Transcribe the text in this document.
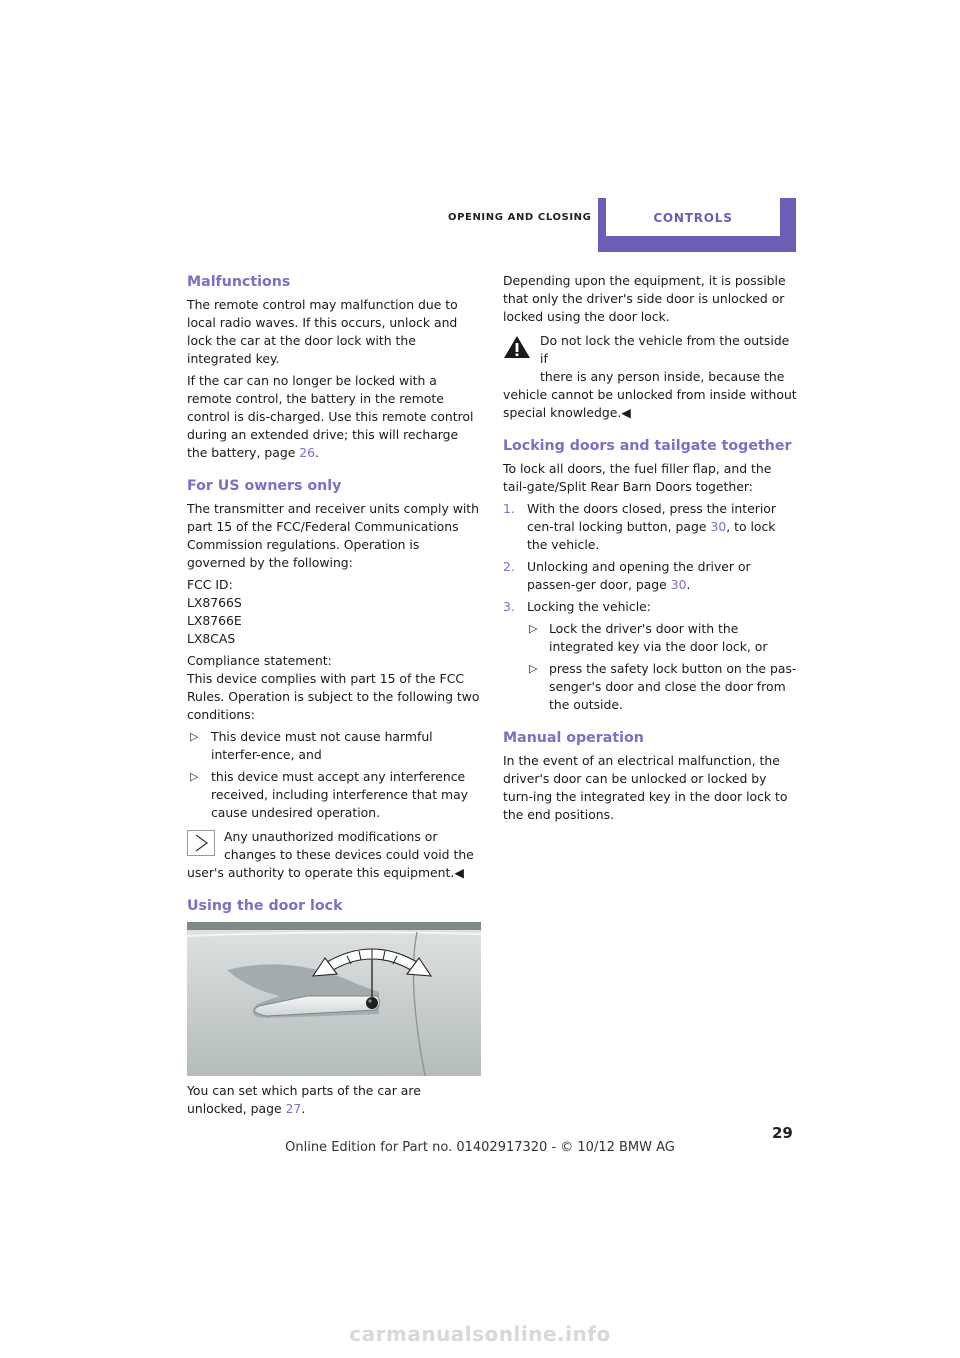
OPENING AND CLOSING	CONTROLS
Malfunctions

The remote control may malfunction due to local radio waves. If this occurs, unlock and lock the car at the door lock with the integrated key.

If the car can no longer be locked with a remote control, the battery in the remote control is dis-charged. Use this remote control during an extended drive; this will recharge the battery, page 26.

For US owners only

The transmitter and receiver units comply with part 15 of the FCC/Federal Communications Commission regulations. Operation is governed by the following:

FCC ID:
LX8766S
LX8766E
LX8CAS

Compliance statement:
This device complies with part 15 of the FCC Rules. Operation is subject to the following two conditions:

▷ This device must not cause harmful interfer-ence, and
▷ this device must accept any interference received, including interference that may cause undesired operation.
Any unauthorized modifications or
changes to these devices could void the
user's authority to operate this equipment.◀
Using the door lock

You can set which parts of the car are unlocked, page 27.

Depending upon the equipment, it is possible that only the driver's side door is unlocked or locked using the door lock.

Do not lock the vehicle from the outside if
there is any person inside, because the
vehicle cannot be unlocked from inside without special knowledge.◀
Locking doors and tailgate together

To lock all doors, the fuel filler flap, and the tail-gate/Split Rear Barn Doors together:

1. With the doors closed, press the interior cen-tral locking button, page 30, to lock the vehicle.
2. Unlocking and opening the driver or passen-ger door, page 30.
3. Locking the vehicle:
▷ Lock the driver's door with the integrated key via the door lock, or
▷ press the safety lock button on the pas-senger's door and close the door from the outside.
Manual operation

In the event of an electrical malfunction, the driver's door can be unlocked or locked by turn-ing the integrated key in the door lock to the end positions.

29
Online Edition for Part no. 01402917320 - © 10/12 BMW AG
carmanualsonline.info
